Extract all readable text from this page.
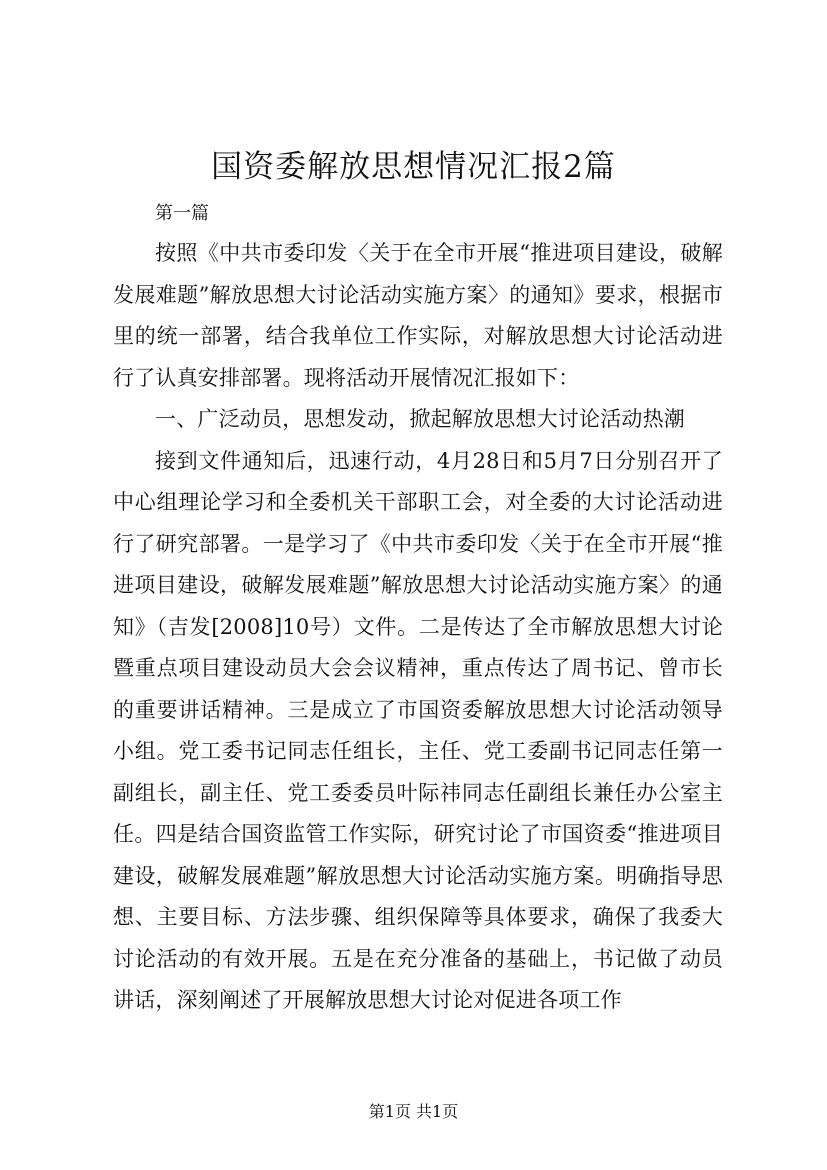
国资委解放思想情况汇报2篇

第一篇

按照《中共市委印发〈关于在全市开展“推进项目建设，破解发展难题”解放思想大讨论活动实施方案〉的通知》要求，根据市里的统一部署，结合我单位工作实际，对解放思想大讨论活动进行了认真安排部署。现将活动开展情况汇报如下：

一、广泛动员，思想发动，掀起解放思想大讨论活动热潮

接到文件通知后，迅速行动，4月28日和5月7日分别召开了中心组理论学习和全委机关干部职工会，对全委的大讨论活动进行了研究部署。一是学习了《中共市委印发〈关于在全市开展“推进项目建设，破解发展难题”解放思想大讨论活动实施方案〉的通知》（吉发[2008]10号）文件。二是传达了全市解放思想大讨论暨重点项目建设动员大会会议精神，重点传达了周书记、曾市长的重要讲话精神。三是成立了市国资委解放思想大讨论活动领导小组。党工委书记同志任组长，主任、党工委副书记同志任第一副组长，副主任、党工委委员叶际祎同志任副组长兼任办公室主任。四是结合国资监管工作实际，研究讨论了市国资委“推进项目建设，破解发展难题”解放思想大讨论活动实施方案。明确指导思想、主要目标、方法步骤、组织保障等具体要求，确保了我委大讨论活动的有效开展。五是在充分准备的基础上，书记做了动员讲话，深刻阐述了开展解放思想大讨论对促进各项工作

第1页 共1页
